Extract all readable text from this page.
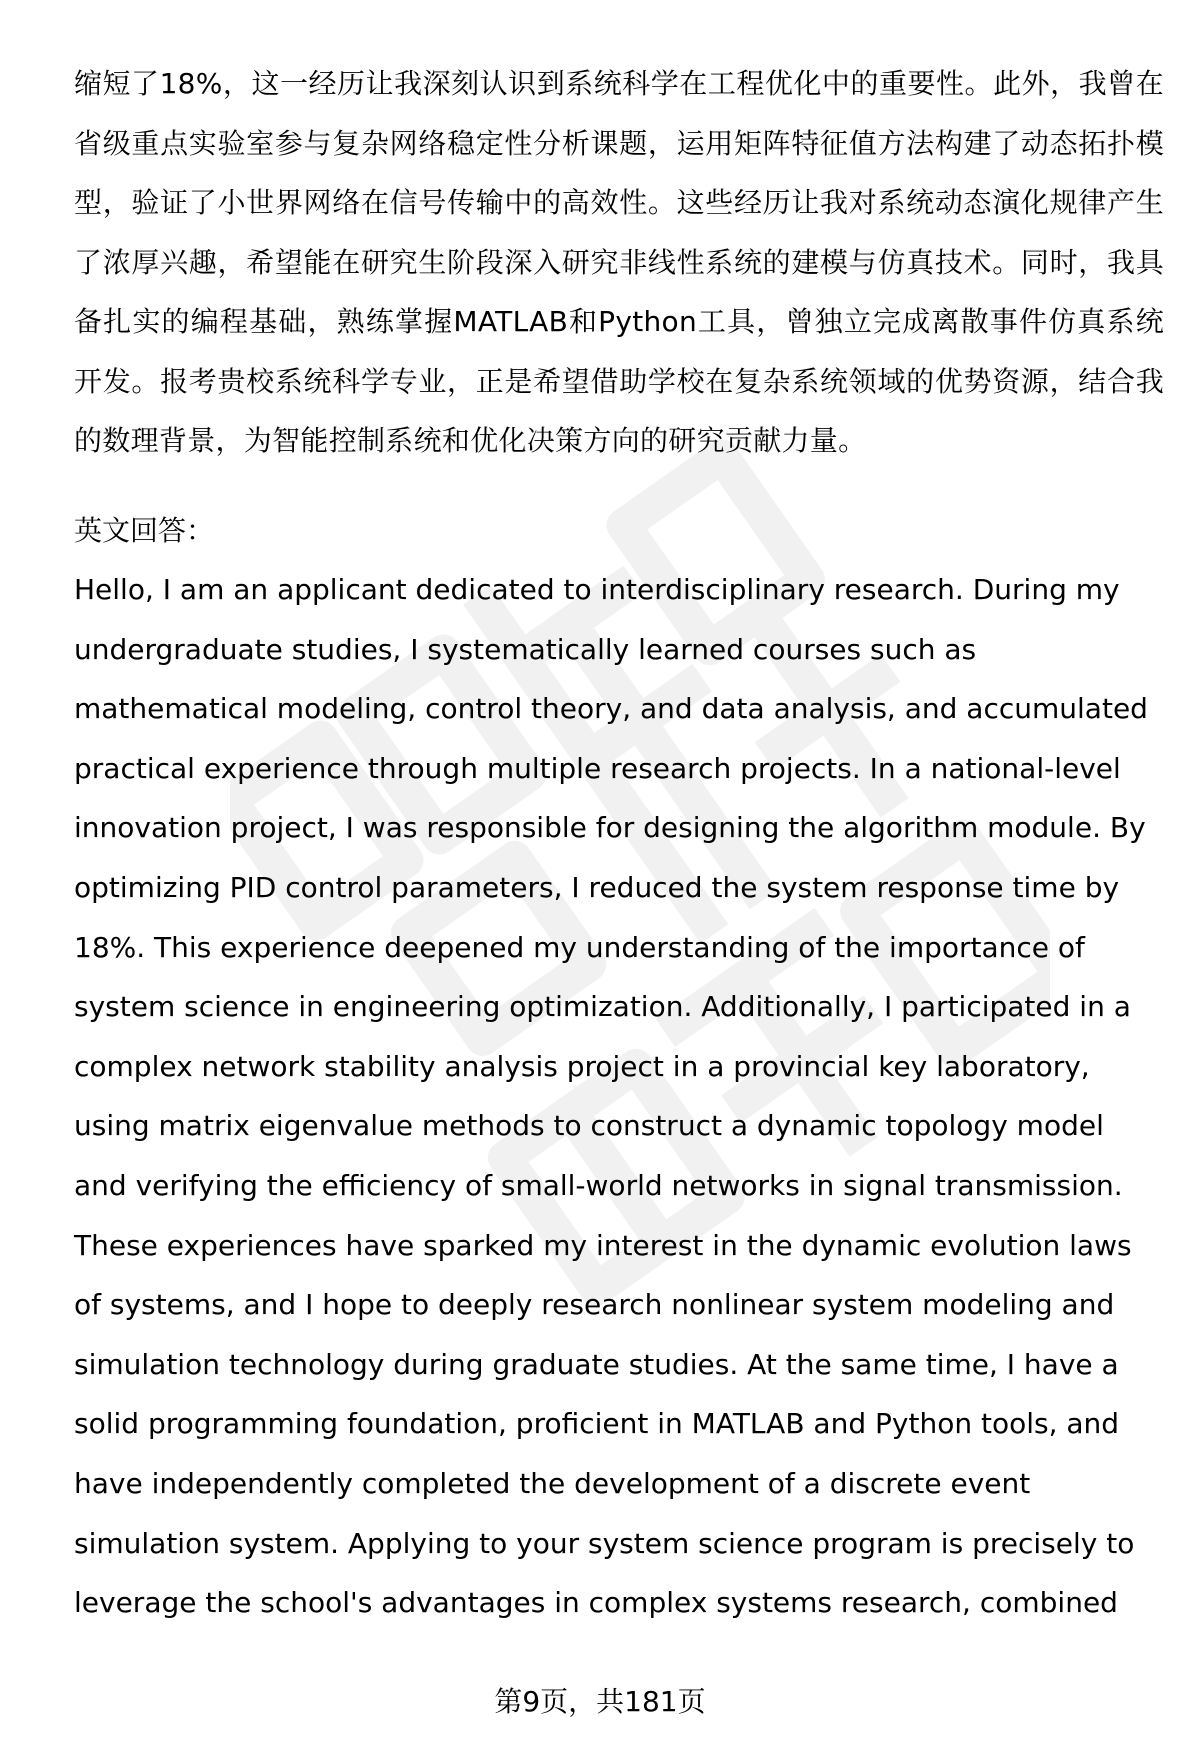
缩短了18%，这一经历让我深刻认识到系统科学在工程优化中的重要性。此外，我曾在省级重点实验室参与复杂网络稳定性分析课题，运用矩阵特征值方法构建了动态拓扑模型，验证了小世界网络在信号传输中的高效性。这些经历让我对系统动态演化规律产生了浓厚兴趣，希望能在研究生阶段深入研究非线性系统的建模与仿真技术。同时，我具备扎实的编程基础，熟练掌握MATLAB和Python工具，曾独立完成离散事件仿真系统开发。报考贵校系统科学专业，正是希望借助学校在复杂系统领域的优势资源，结合我的数理背景，为智能控制系统和优化决策方向的研究贡献力量。

英文回答：

Hello, I am an applicant dedicated to interdisciplinary research. During my undergraduate studies, I systematically learned courses such as mathematical modeling, control theory, and data analysis, and accumulated practical experience through multiple research projects. In a national-level innovation project, I was responsible for designing the algorithm module. By optimizing PID control parameters, I reduced the system response time by 18%. This experience deepened my understanding of the importance of system science in engineering optimization. Additionally, I participated in a complex network stability analysis project in a provincial key laboratory, using matrix eigenvalue methods to construct a dynamic topology model and verifying the efficiency of small-world networks in signal transmission. These experiences have sparked my interest in the dynamic evolution laws of systems, and I hope to deeply research nonlinear system modeling and simulation technology during graduate studies. At the same time, I have a solid programming foundation, proficient in MATLAB and Python tools, and have independently completed the development of a discrete event simulation system. Applying to your system science program is precisely to leverage the school's advantages in complex systems research, combined

第9页，共181页
